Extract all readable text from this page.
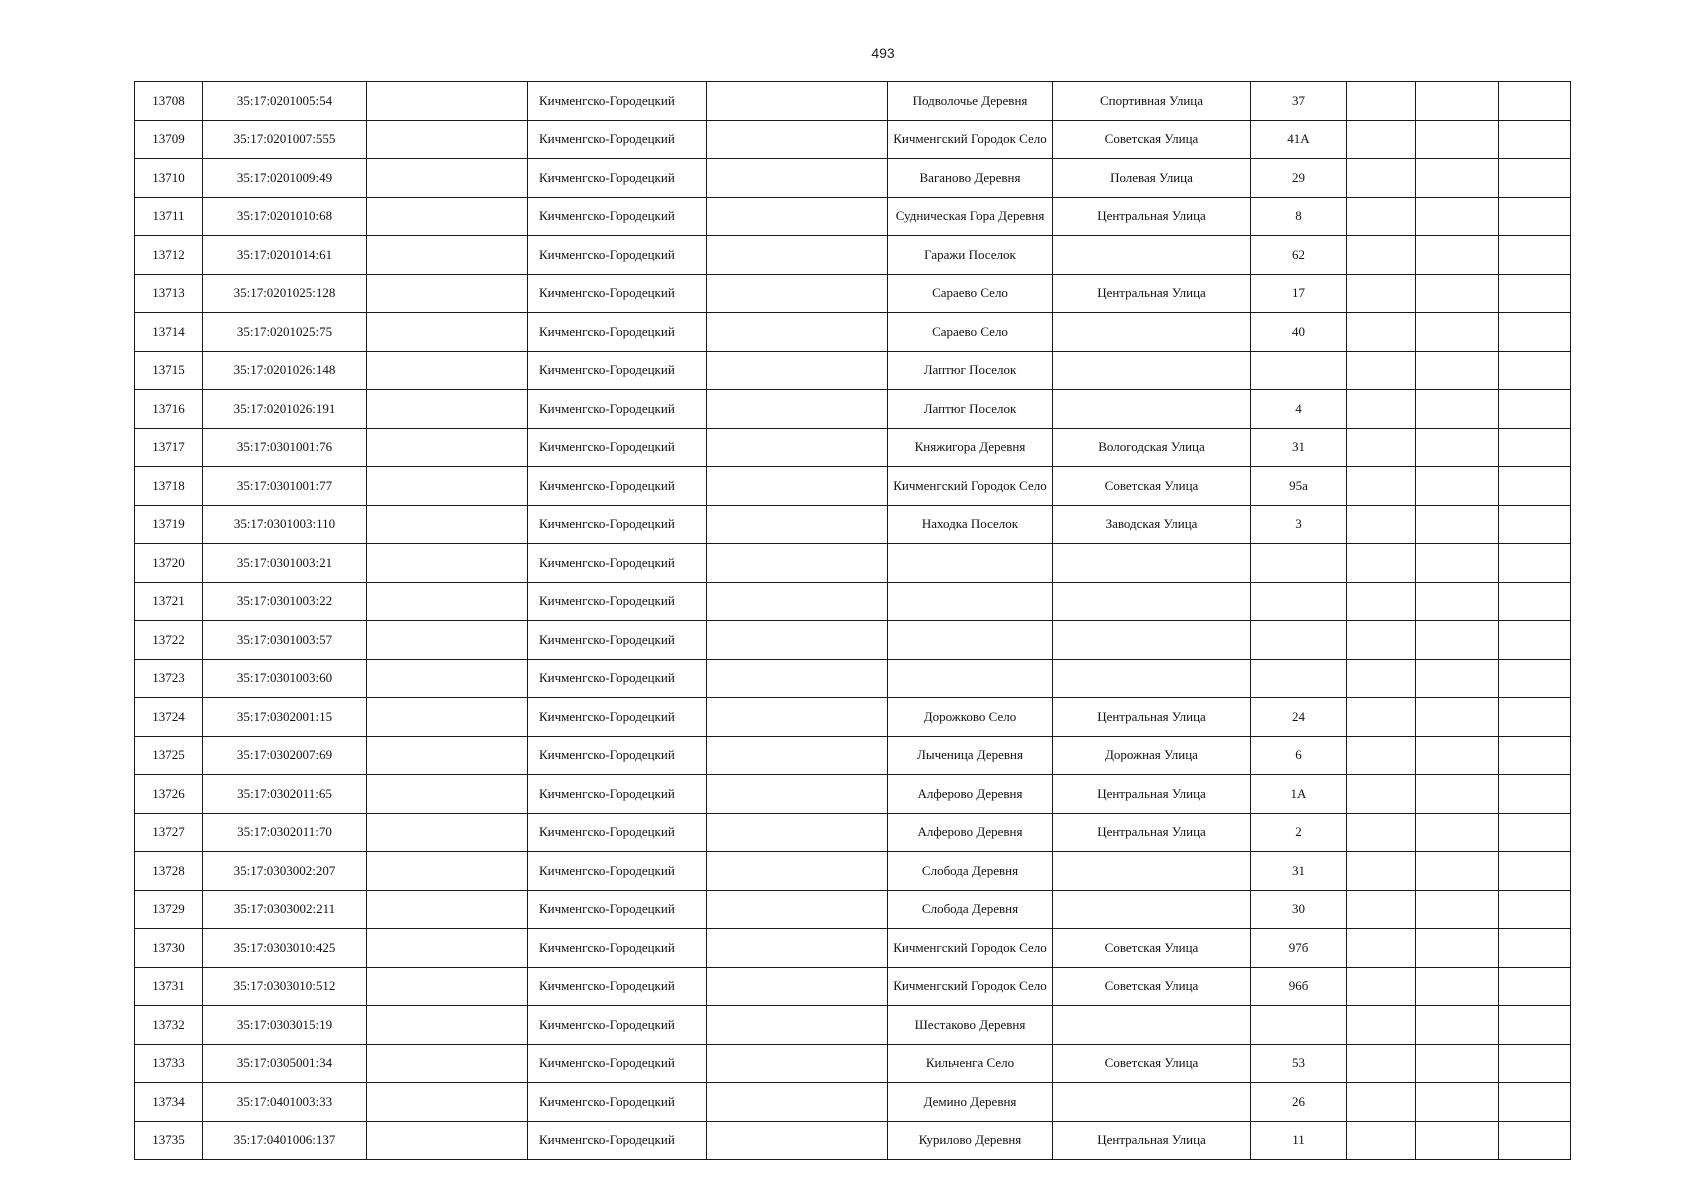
493
13708	35:17:0201005:54		Кичменгско-Городецкий		Подволочье Деревня	Спортивная Улица	37			
13709	35:17:0201007:555		Кичменгско-Городецкий		Кичменгский Городок Село	Советская Улица	41А			
13710	35:17:0201009:49		Кичменгско-Городецкий		Ваганово Деревня	Полевая Улица	29			
13711	35:17:0201010:68		Кичменгско-Городецкий		Судническая Гора Деревня	Центральная Улица	8			
13712	35:17:0201014:61		Кичменгско-Городецкий		Гаражи Поселок		62			
13713	35:17:0201025:128		Кичменгско-Городецкий		Сараево Село	Центральная Улица	17			
13714	35:17:0201025:75		Кичменгско-Городецкий		Сараево Село		40			
13715	35:17:0201026:148		Кичменгско-Городецкий		Лаптюг Поселок					
13716	35:17:0201026:191		Кичменгско-Городецкий		Лаптюг Поселок		4			
13717	35:17:0301001:76		Кичменгско-Городецкий		Княжигора Деревня	Вологодская Улица	31			
13718	35:17:0301001:77		Кичменгско-Городецкий		Кичменгский Городок Село	Советская Улица	95а			
13719	35:17:0301003:110		Кичменгско-Городецкий		Находка Поселок	Заводская Улица	3			
13720	35:17:0301003:21		Кичменгско-Городецкий							
13721	35:17:0301003:22		Кичменгско-Городецкий							
13722	35:17:0301003:57		Кичменгско-Городецкий							
13723	35:17:0301003:60		Кичменгско-Городецкий							
13724	35:17:0302001:15		Кичменгско-Городецкий		Дорожково Село	Центральная Улица	24			
13725	35:17:0302007:69		Кичменгско-Городецкий		Лыченица Деревня	Дорожная Улица	6			
13726	35:17:0302011:65		Кичменгско-Городецкий		Алферово Деревня	Центральная Улица	1А			
13727	35:17:0302011:70		Кичменгско-Городецкий		Алферово Деревня	Центральная Улица	2			
13728	35:17:0303002:207		Кичменгско-Городецкий		Слобода Деревня		31			
13729	35:17:0303002:211		Кичменгско-Городецкий		Слобода Деревня		30			
13730	35:17:0303010:425		Кичменгско-Городецкий		Кичменгский Городок Село	Советская Улица	97б			
13731	35:17:0303010:512		Кичменгско-Городецкий		Кичменгский Городок Село	Советская Улица	96б			
13732	35:17:0303015:19		Кичменгско-Городецкий		Шестаково Деревня					
13733	35:17:0305001:34		Кичменгско-Городецкий		Кильченга Село	Советская Улица	53			
13734	35:17:0401003:33		Кичменгско-Городецкий		Демино Деревня		26			
13735	35:17:0401006:137		Кичменгско-Городецкий		Курилово Деревня	Центральная Улица	11			
